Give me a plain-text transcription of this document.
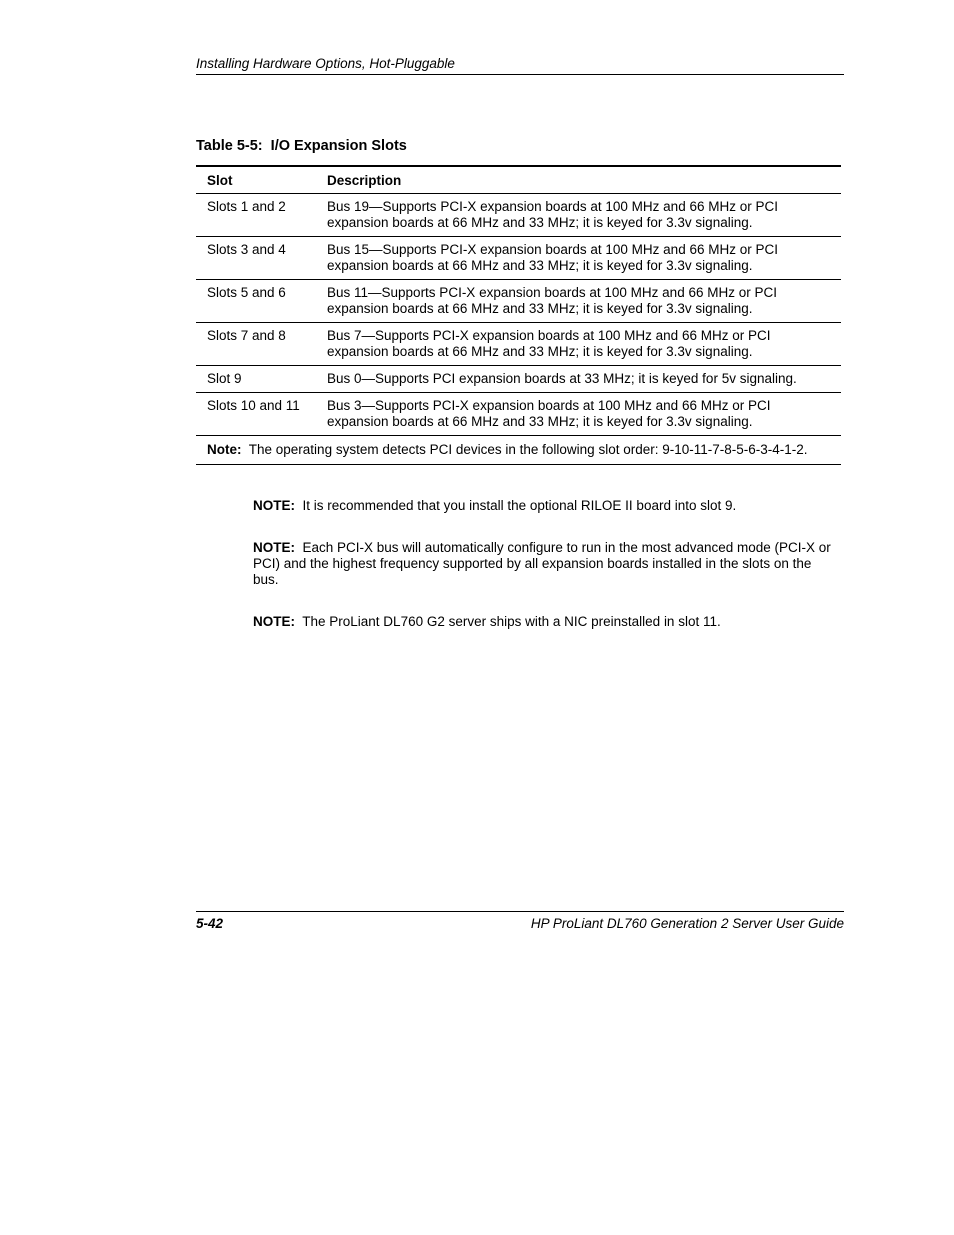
Installing Hardware Options, Hot-Pluggable
Table 5-5:  I/O Expansion Slots
Slot	Description
Slots 1 and 2	Bus 19—Supports PCI-X expansion boards at 100 MHz and 66 MHz or PCI expansion boards at 66 MHz and 33 MHz; it is keyed for 3.3v signaling.
Slots 3 and 4	Bus 15—Supports PCI-X expansion boards at 100 MHz and 66 MHz or PCI expansion boards at 66 MHz and 33 MHz; it is keyed for 3.3v signaling.
Slots 5 and 6	Bus 11—Supports PCI-X expansion boards at 100 MHz and 66 MHz or PCI expansion boards at 66 MHz and 33 MHz; it is keyed for 3.3v signaling.
Slots 7 and 8	Bus 7—Supports PCI-X expansion boards at 100 MHz and 66 MHz or PCI expansion boards at 66 MHz and 33 MHz; it is keyed for 3.3v signaling.
Slot 9	Bus 0—Supports PCI expansion boards at 33 MHz; it is keyed for 5v signaling.
Slots 10 and 11	Bus 3—Supports PCI-X expansion boards at 100 MHz and 66 MHz or PCI expansion boards at 66 MHz and 33 MHz; it is keyed for 3.3v signaling.
Note: The operating system detects PCI devices in the following slot order: 9-10-11-7-8-5-6-3-4-1-2.	
NOTE: It is recommended that you install the optional RILOE II board into slot 9.
NOTE: Each PCI-X bus will automatically configure to run in the most advanced mode (PCI-X or PCI) and the highest frequency supported by all expansion boards installed in the slots on the bus.
NOTE: The ProLiant DL760 G2 server ships with a NIC preinstalled in slot 11.
5-42	HP ProLiant DL760 Generation 2 Server User Guide
